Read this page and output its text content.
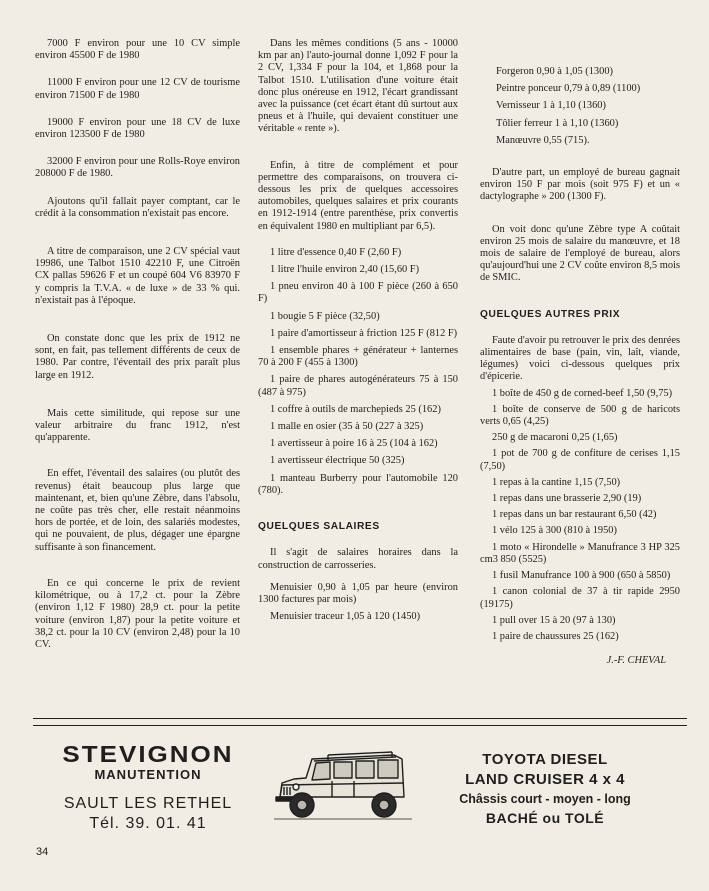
7000 F environ pour une 10 CV simple environ 45500 F de 1980

11000 F environ pour une 12 CV de tourisme environ 71500 F de 1980

19000 F environ pour une 18 CV de luxe environ 123500 F de 1980

32000 F environ pour une Rolls-Roye environ 208000 F de 1980.

Ajoutons qu'il fallait payer comptant, car le crédit à la consommation n'existait pas encore.

A titre de comparaison, une 2 CV spécial vaut 19986, une Talbot 1510 42210 F, une Citroën CX pallas 59626 F et un coupé 604 V6 83970 F y compris la T.V.A. « de luxe » de 33 % qui. n'existait pas à l'époque.

On constate donc que les prix de 1912 ne sont, en fait, pas tellement différents de ceux de 1980. Par contre, l'éventail des prix paraît plus large en 1912.

Mais cette similitude, qui repose sur une valeur arbitraire du franc 1912, n'est qu'apparente.

En effet, l'éventail des salaires (ou plutôt des revenus) était beaucoup plus large que maintenant, et, bien qu'une Zèbre, dans l'absolu, ne coûte pas très cher, elle restait néanmoins hors de portée, et de loin, des salariés modestes, qui ne pouvaient, de plus, dégager une épargne suffisante à son financement.

En ce qui concerne le prix de revient kilométrique, ou à 17,2 ct. pour la Zèbre (environ 1,12 F 1980) 28,9 ct. pour la petite voiture (environ 1,87) pour la petite voiture et 38,2 ct. pour la 10 CV (environ 2,48) pour la 10 CV.

Dans les mêmes conditions (5 ans - 10000 km par an) l'auto-journal donne 1,092 F pour la 2 CV, 1,334 F pour la 104, et 1,868 pour la Talbot 1510. L'utilisation d'une voiture était donc plus onéreuse en 1912, l'écart grandissant avec la puissance (cet écart étant dû surtout aux pneus et à l'huile, qui devaient constituer une véritable « rente »).

Enfin, à titre de complément et pour permettre des comparaisons, on trouvera ci-dessous les prix de quelques accessoires automobiles, quelques salaires et prix courants en 1912-1914 (entre parenthèse, prix convertis en équivalent 1980 en multipliant par 6,5).

1 litre d'essence 0,40 F (2,60 F)

1 litre l'huile environ 2,40 (15,60 F)

1 pneu environ 40 à 100 F pièce (260 à 650 F)

1 bougie 5 F pièce (32,50)

1 paire d'amortisseur à friction 125 F (812 F)

1 ensemble phares + générateur + lanternes 70 à 200 F (455 à 1300)

1 paire de phares autogénérateurs 75 à 150 (487 à 975)

1 coffre à outils de marchepieds 25 (162)

1 malle en osier (35 à 50 (227 à 325)

1 avertisseur à poire 16 à 25 (104 à 162)

1 avertisseur électrique 50 (325)

1 manteau Burberry pour l'automobile 120 (780).

QUELQUES SALAIRES

Il s'agit de salaires horaires dans la construction de carrosseries.

Menuisier 0,90 à 1,05 par heure (environ 1300 factures par mois)

Menuisier traceur 1,05 à 120 (1450)

Forgeron 0,90 à 1,05 (1300)

Peintre ponceur 0,79 à 0,89 (1100)

Vernisseur 1 à 1,10 (1360)

Tôlier ferreur 1 à 1,10 (1360)

Manœuvre 0,55 (715).

D'autre part, un employé de bureau gagnait environ 150 F par mois (soit 975 F) et un « dactylographe » 200 (1300 F).

On voit donc qu'une Zèbre type A coûtait environ 25 mois de salaire du manœuvre, et 18 mois de salaire de l'employé de bureau, alors qu'aujourd'hui une 2 CV coûte environ 8,5 mois de SMIC.

QUELQUES AUTRES PRIX

Faute d'avoir pu retrouver le prix des denrées alimentaires de base (pain, vin, laît, viande, légumes) voici ci-dessous quelques prix d'épicerie.

1 boîte de 450 g de corned-beef 1,50 (9,75)

1 boîte de conserve de 500 g de haricots verts 0,65 (4,25)

250 g de macaroni 0,25 (1,65)

1 pot de 700 g de confiture de cerises 1,15 (7,50)

1 repas à la cantine 1,15 (7,50)

1 repas dans une brasserie 2,90 (19)

1 repas dans un bar restaurant 6,50 (42)

1 vélo 125 à 300 (810 à 1950)

1 moto « Hirondelle » Manufrance 3 HP 325 cm3 850 (5525)

1 fusil Manufrance 100 à 900 (650 à 5850)

1 canon colonial de 37 à tir rapide 2950 (19175)

1 pull over 15 à 20 (97 à 130)

1 paire de chaussures 25 (162)

J.-F. CHEVAL

STEVIGNON

MANUTENTION

SAULT LES RETHEL

Tél. 39. 01. 41

TOYOTA DIESEL

LAND CRUISER 4 x 4

Châssis court - moyen - long

BACHÉ ou TOLÉ

34
